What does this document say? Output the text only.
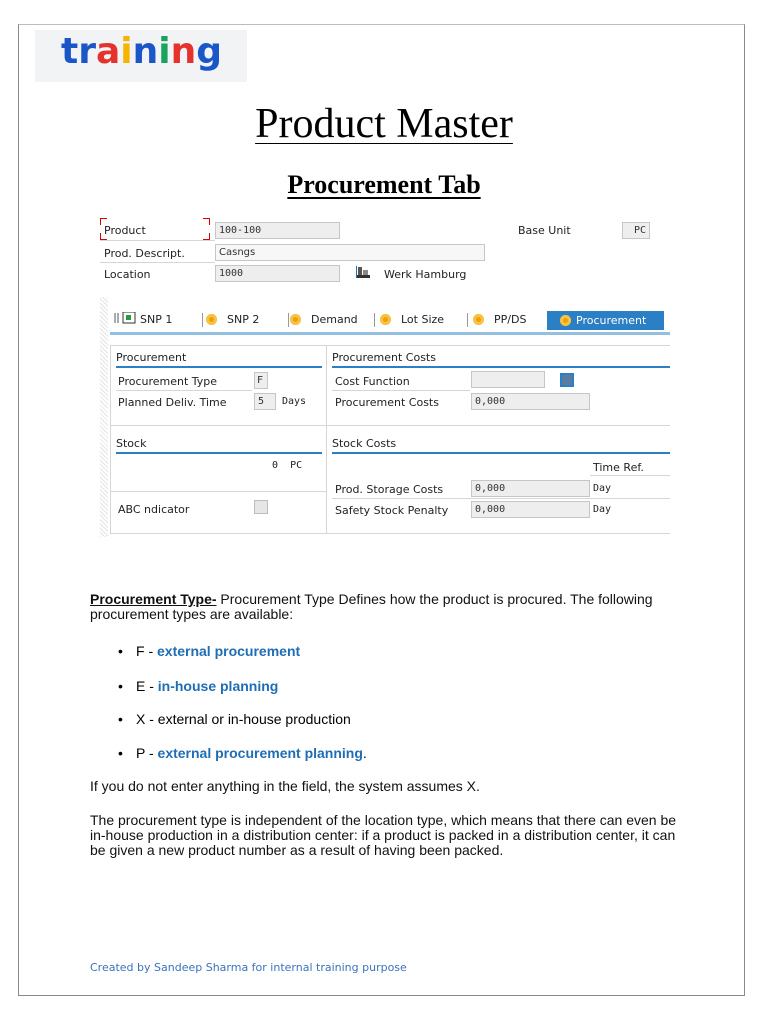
training
Product Master
Procurement Tab
Product	100-100	Base Unit	PC
Prod. Descript.	Casngs
Location	1000	Werk Hamburg
SNP 1	SNP 2	Demand	Lot Size	PP/DS	Procurement
Procurement
Procurement Type	F
Planned Deliv. Time	5	Days
Procurement Costs
Cost Function
Procurement Costs	0,000
Stock
0 PC
ABC ndicator
Stock Costs
Time Ref.
Prod. Storage Costs	0,000	Day
Safety Stock Penalty	0,000	Day
Procurement Type- Procurement Type Defines how the product is procured. The following procurement types are available:
• F - external procurement
• E - in-house planning
• X - external or in-house production
• P - external procurement planning.
If you do not enter anything in the field, the system assumes X.
The procurement type is independent of the location type, which means that there can even be in-house production in a distribution center: if a product is packed in a distribution center, it can be given a new product number as a result of having been packed.
Created by Sandeep Sharma for internal training purpose
